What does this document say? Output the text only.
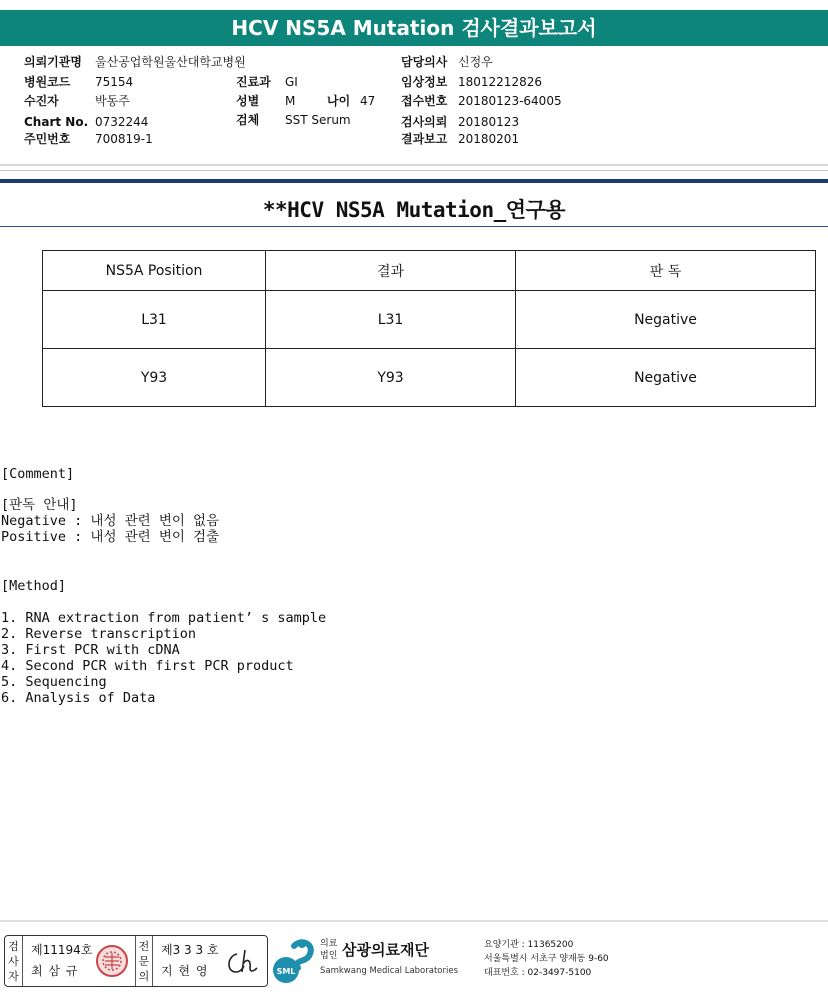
HCV NS5A Mutation 검사결과보고서
의뢰기관명 울산공업학원울산대학교병원
병원코드 75154
수진자	박동주
Chart No. 0732244
주민번호 700819-1
진료과 GI
성별 M	나이 47
검체 SST Serum
담당의사 신정우
임상정보 18012212826
접수번호 20180123-64005
검사의뢰 20180123
결과보고 20180201
**HCV NS5A Mutation_연구용
NS5A Position	결과	판 독
L31	L31	Negative
Y93	Y93	Negative
[Comment]
[판독 안내]
Negative : 내성 관련 변이 없음
Positive : 내성 관련 변이 검출
[Method]
1. RNA extraction from patient’ s sample
2. Reverse transcription
3. First PCR with cDNA
4. Second PCR with first PCR product
5. Sequencing
6. Analysis of Data
검
사
자
제11194호
최 삼 규
전
문
의
제3 3 3 호
지 현 영	SML
의료
법인 삼광의료재단
Samkwang Medical Laboratories
요양기관 : 11365200
서울특별시 서초구 양재동 9-60
대표번호 : 02-3497-5100
